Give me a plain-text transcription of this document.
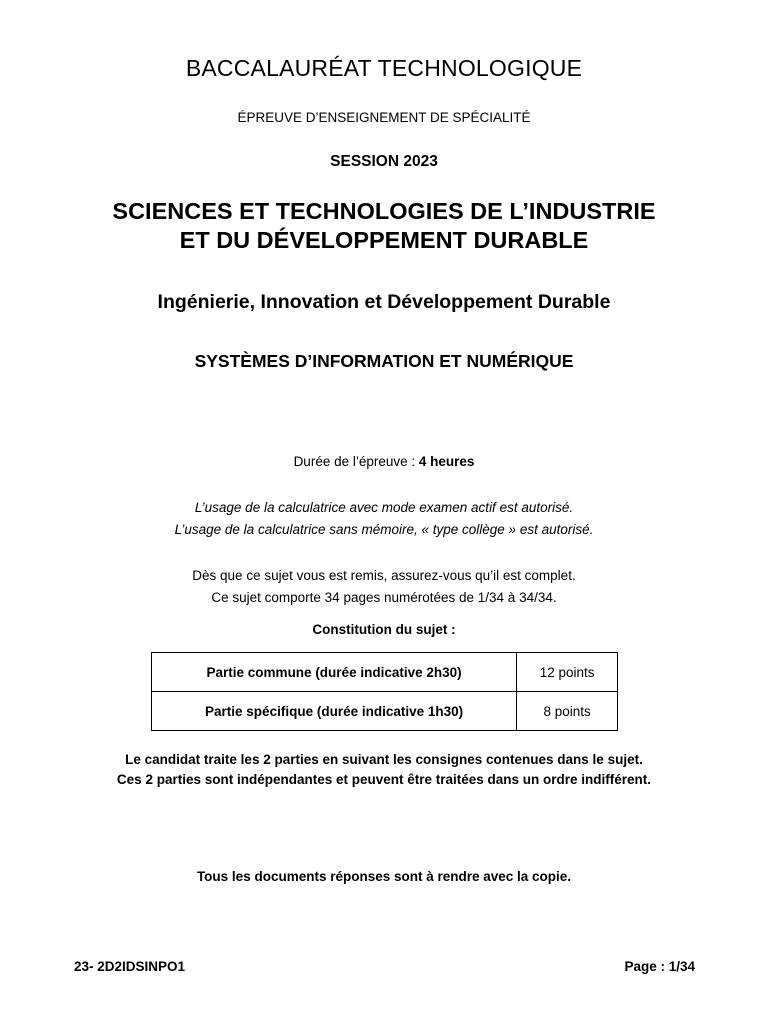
BACCALAURÉAT TECHNOLOGIQUE
ÉPREUVE D’ENSEIGNEMENT DE SPÉCIALITÉ
SESSION 2023
SCIENCES ET TECHNOLOGIES DE L’INDUSTRIE
ET DU DÉVELOPPEMENT DURABLE
Ingénierie, Innovation et Développement Durable
SYSTÈMES D’INFORMATION ET NUMÉRIQUE
Durée de l’épreuve : 4 heures
L’usage de la calculatrice avec mode examen actif est autorisé.
L’usage de la calculatrice sans mémoire, « type collège » est autorisé.
Dès que ce sujet vous est remis, assurez-vous qu’il est complet.
Ce sujet comporte 34 pages numérotées de 1/34 à 34/34.
Constitution du sujet :
Partie commune (durée indicative 2h30)	12 points
Partie spécifique (durée indicative 1h30)	8 points
Le candidat traite les 2 parties en suivant les consignes contenues dans le sujet.
Ces 2 parties sont indépendantes et peuvent être traitées dans un ordre indifférent.
Tous les documents réponses sont à rendre avec la copie.
23- 2D2IDSINPO1	Page : 1/34
